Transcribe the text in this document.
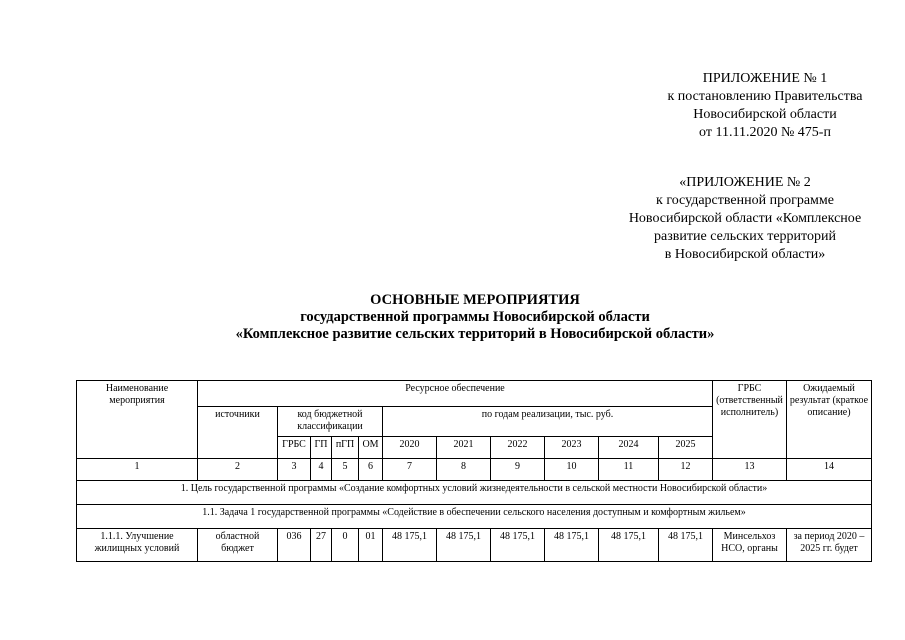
ПРИЛОЖЕНИЕ № 1
к постановлению Правительства
Новосибирской области
от 11.11.2020 № 475-п
«ПРИЛОЖЕНИЕ № 2
к государственной программе
Новосибирской области «Комплексное
развитие сельских территорий
в Новосибирской области»
ОСНОВНЫЕ МЕРОПРИЯТИЯ
государственной программы Новосибирской области
«Комплексное развитие сельских территорий в Новосибирской области»
Наименование мероприятия	Ресурсное обеспечение											ГРБС (ответственный исполнитель)	Ожидаемый результат (краткое описание)
	источники	код бюджетной классификации				по годам реализации, тыс. руб.							
		ГРБС	ГП	пГП	ОМ	2020	2021	2022	2023	2024	2025		
1	2	3	4	5	6	7	8	9	10	11	12	13	14
1. Цель государственной программы «Создание комфортных условий жизнедеятельности в сельской местности Новосибирской области»													
1.1. Задача 1 государственной программы «Содействие в обеспечении сельского населения доступным и комфортным жильем»													

1.1.1. Улучшение жилищных условий	областной бюджет	036	27	0	01	48 175,1	48 175,1	48 175,1	48 175,1	48 175,1	48 175,1	Минсельхоз НСО, органы	за период 2020 – 2025 гг. будет
